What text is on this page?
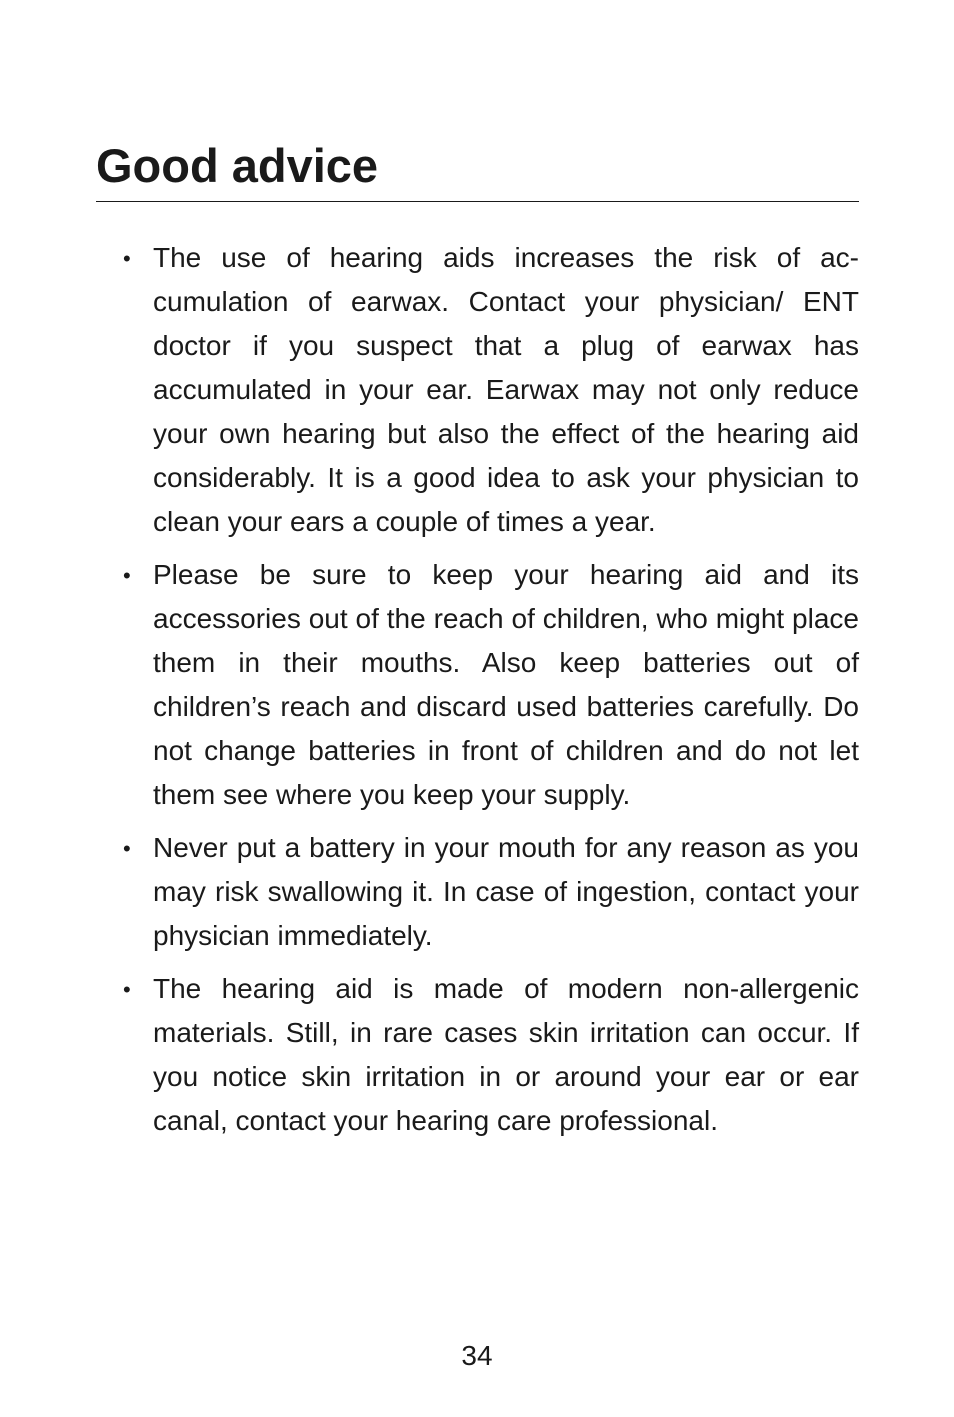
Good advice
• The use of hearing aids increases the risk of accumulation of earwax. Contact your physician/ ENT doctor if you suspect that a plug of earwax has accumulated in your ear. Earwax may not only reduce your own hearing but also the effect of the hearing aid considerably. It is a good idea to ask your physician to clean your ears a couple of times a year.
• Please be sure to keep your hearing aid and its accessories out of the reach of children, who might place them in their mouths. Also keep batteries out of children’s reach and discard used batteries carefully. Do not change batteries in front of children and do not let them see where you keep your supply.
• Never put a battery in your mouth for any reason as you may risk swallowing it. In case of ingestion, contact your physician immediately.
• The hearing aid is made of modern non-allergenic materials. Still, in rare cases skin irritation can occur. If you notice skin irritation in or around your ear or ear canal, contact your hearing care professional.
34
